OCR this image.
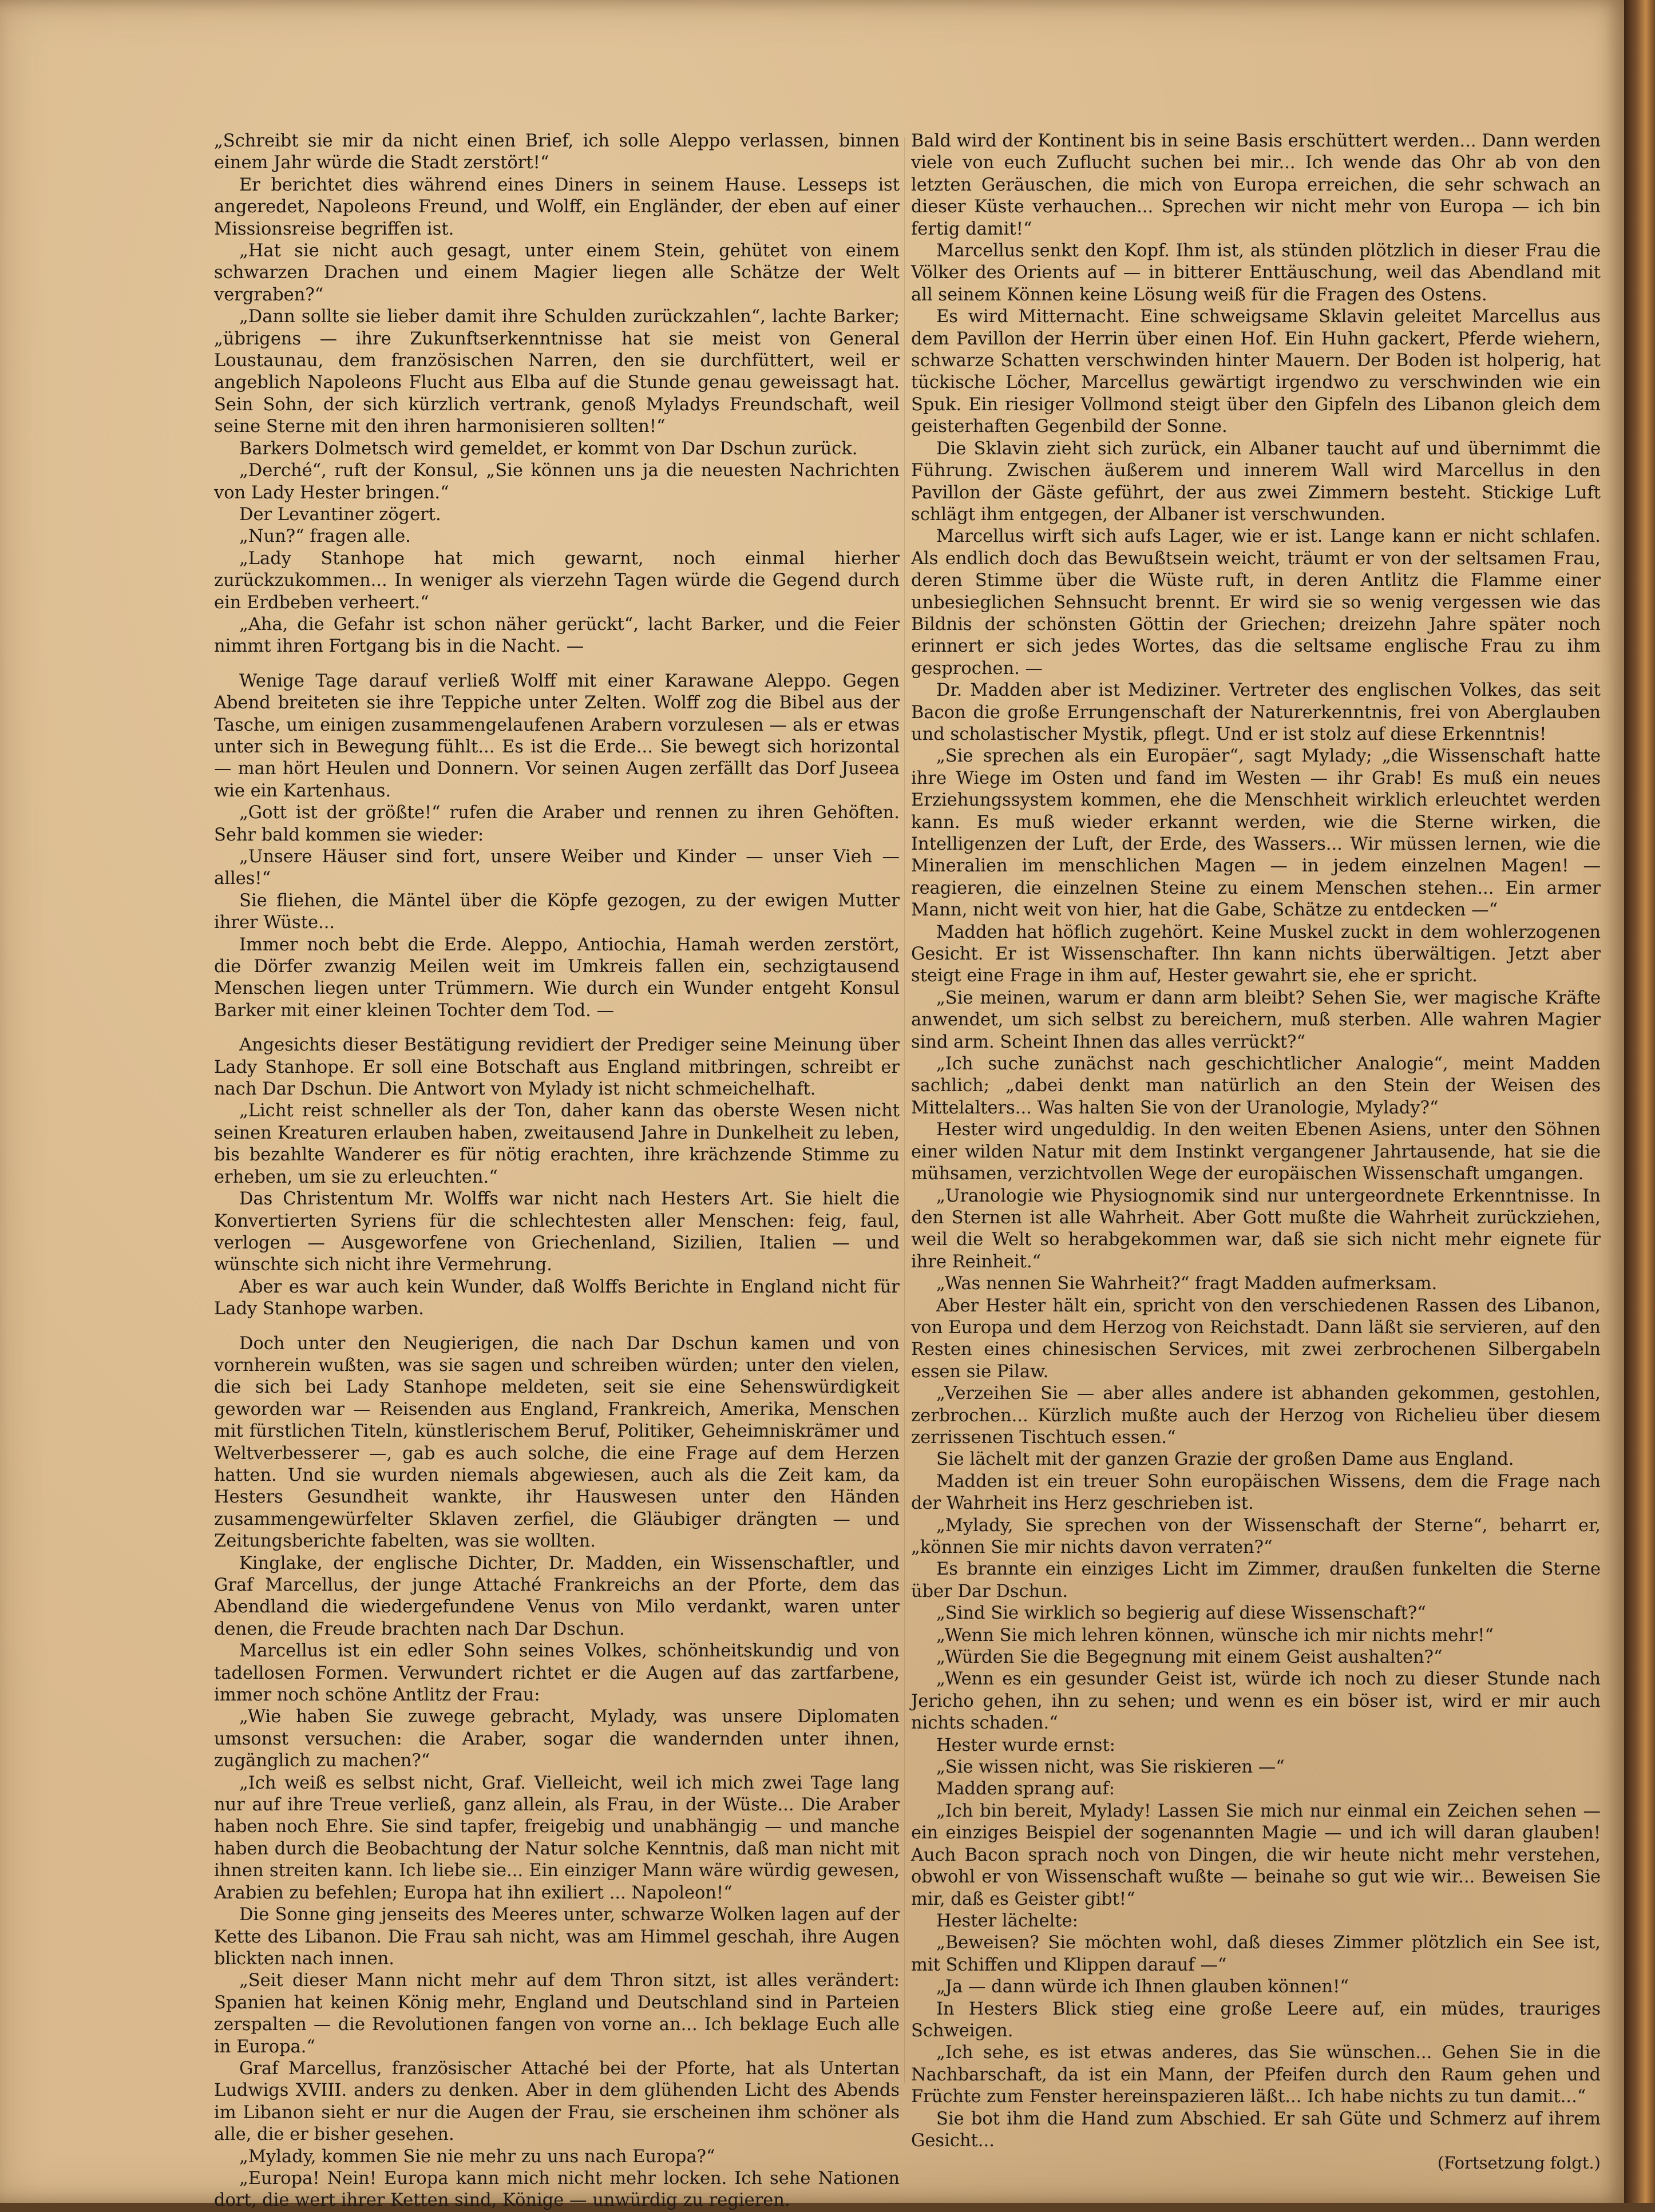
„Schreibt sie mir da nicht einen Brief, ich solle Aleppo verlassen, binnen einem Jahr würde die Stadt zerstört!“

Er berichtet dies während eines Diners in seinem Hause. Lesseps ist angeredet, Napoleons Freund, und Wolff, ein Engländer, der eben auf einer Missionsreise begriffen ist.

„Hat sie nicht auch gesagt, unter einem Stein, gehütet von einem schwarzen Drachen und einem Magier liegen alle Schätze der Welt vergraben?“

„Dann sollte sie lieber damit ihre Schulden zurückzahlen“, lachte Barker; „übrigens — ihre Zukunftserkenntnisse hat sie meist von General Loustaunau, dem französischen Narren, den sie durchfüttert, weil er angeblich Napoleons Flucht aus Elba auf die Stunde genau geweissagt hat. Sein Sohn, der sich kürzlich vertrank, genoß Myladys Freundschaft, weil seine Sterne mit den ihren harmonisieren sollten!“

Barkers Dolmetsch wird gemeldet, er kommt von Dar Dschun zurück.

„Derché“, ruft der Konsul, „Sie können uns ja die neuesten Nachrichten von Lady Hester bringen.“

Der Levantiner zögert.

„Nun?“ fragen alle.

„Lady Stanhope hat mich gewarnt, noch einmal hierher zurückzukommen... In weniger als vierzehn Tagen würde die Gegend durch ein Erdbeben verheert.“

„Aha, die Gefahr ist schon näher gerückt“, lacht Barker, und die Feier nimmt ihren Fortgang bis in die Nacht. —

Wenige Tage darauf verließ Wolff mit einer Karawane Aleppo. Gegen Abend breiteten sie ihre Teppiche unter Zelten. Wolff zog die Bibel aus der Tasche, um einigen zusammengelaufenen Arabern vorzulesen — als er etwas unter sich in Bewegung fühlt... Es ist die Erde... Sie bewegt sich horizontal — man hört Heulen und Donnern. Vor seinen Augen zerfällt das Dorf Juseea wie ein Kartenhaus.

„Gott ist der größte!“ rufen die Araber und rennen zu ihren Gehöften. Sehr bald kommen sie wieder:

„Unsere Häuser sind fort, unsere Weiber und Kinder — unser Vieh — alles!“

Sie fliehen, die Mäntel über die Köpfe gezogen, zu der ewigen Mutter ihrer Wüste...

Immer noch bebt die Erde. Aleppo, Antiochia, Hamah werden zerstört, die Dörfer zwanzig Meilen weit im Umkreis fallen ein, sechzigtausend Menschen liegen unter Trümmern. Wie durch ein Wunder entgeht Konsul Barker mit einer kleinen Tochter dem Tod. —

Angesichts dieser Bestätigung revidiert der Prediger seine Meinung über Lady Stanhope. Er soll eine Botschaft aus England mitbringen, schreibt er nach Dar Dschun. Die Antwort von Mylady ist nicht schmeichelhaft.

„Licht reist schneller als der Ton, daher kann das oberste Wesen nicht seinen Kreaturen erlauben haben, zweitausend Jahre in Dunkelheit zu leben, bis bezahlte Wanderer es für nötig erachten, ihre krächzende Stimme zu erheben, um sie zu erleuchten.“

Das Christentum Mr. Wolffs war nicht nach Hesters Art. Sie hielt die Konvertierten Syriens für die schlechtesten aller Menschen: feig, faul, verlogen — Ausgeworfene von Griechenland, Sizilien, Italien — und wünschte sich nicht ihre Vermehrung.

Aber es war auch kein Wunder, daß Wolffs Berichte in England nicht für Lady Stanhope warben.

Doch unter den Neugierigen, die nach Dar Dschun kamen und von vornherein wußten, was sie sagen und schreiben würden; unter den vielen, die sich bei Lady Stanhope meldeten, seit sie eine Sehenswürdigkeit geworden war — Reisenden aus England, Frankreich, Amerika, Menschen mit fürstlichen Titeln, künstlerischem Beruf, Politiker, Geheimniskrämer und Weltverbesserer —, gab es auch solche, die eine Frage auf dem Herzen hatten. Und sie wurden niemals abgewiesen, auch als die Zeit kam, da Hesters Gesundheit wankte, ihr Hauswesen unter den Händen zusammengewürfelter Sklaven zerfiel, die Gläubiger drängten — und Zeitungsberichte fabelten, was sie wollten.

Kinglake, der englische Dichter, Dr. Madden, ein Wissenschaftler, und Graf Marcellus, der junge Attaché Frankreichs an der Pforte, dem das Abendland die wiedergefundene Venus von Milo verdankt, waren unter denen, die Freude brachten nach Dar Dschun.

Marcellus ist ein edler Sohn seines Volkes, schönheitskundig und von tadellosen Formen. Verwundert richtet er die Augen auf das zartfarbene, immer noch schöne Antlitz der Frau:

„Wie haben Sie zuwege gebracht, Mylady, was unsere Diplomaten umsonst versuchen: die Araber, sogar die wandernden unter ihnen, zugänglich zu machen?“

„Ich weiß es selbst nicht, Graf. Vielleicht, weil ich mich zwei Tage lang nur auf ihre Treue verließ, ganz allein, als Frau, in der Wüste... Die Araber haben noch Ehre. Sie sind tapfer, freigebig und unabhängig — und manche haben durch die Beobachtung der Natur solche Kenntnis, daß man nicht mit ihnen streiten kann. Ich liebe sie... Ein einziger Mann wäre würdig gewesen, Arabien zu befehlen; Europa hat ihn exiliert ... Napoleon!“

Die Sonne ging jenseits des Meeres unter, schwarze Wolken lagen auf der Kette des Libanon. Die Frau sah nicht, was am Himmel geschah, ihre Augen blickten nach innen.

„Seit dieser Mann nicht mehr auf dem Thron sitzt, ist alles verändert: Spanien hat keinen König mehr, England und Deutschland sind in Parteien zerspalten — die Revolutionen fangen von vorne an... Ich beklage Euch alle in Europa.“

Graf Marcellus, französischer Attaché bei der Pforte, hat als Untertan Ludwigs XVIII. anders zu denken. Aber in dem glühenden Licht des Abends im Libanon sieht er nur die Augen der Frau, sie erscheinen ihm schöner als alle, die er bisher gesehen.

„Mylady, kommen Sie nie mehr zu uns nach Europa?“

„Europa! Nein! Europa kann mich nicht mehr locken. Ich sehe Nationen dort, die wert ihrer Ketten sind, Könige — unwürdig zu regieren.

Bald wird der Kontinent bis in seine Basis erschüttert werden... Dann werden viele von euch Zuflucht suchen bei mir... Ich wende das Ohr ab von den letzten Geräuschen, die mich von Europa erreichen, die sehr schwach an dieser Küste verhauchen... Sprechen wir nicht mehr von Europa — ich bin fertig damit!“

Marcellus senkt den Kopf. Ihm ist, als stünden plötzlich in dieser Frau die Völker des Orients auf — in bitterer Enttäuschung, weil das Abendland mit all seinem Können keine Lösung weiß für die Fragen des Ostens.

Es wird Mitternacht. Eine schweigsame Sklavin geleitet Marcellus aus dem Pavillon der Herrin über einen Hof. Ein Huhn gackert, Pferde wiehern, schwarze Schatten verschwinden hinter Mauern. Der Boden ist holperig, hat tückische Löcher, Marcellus gewärtigt irgendwo zu verschwinden wie ein Spuk. Ein riesiger Vollmond steigt über den Gipfeln des Libanon gleich dem geisterhaften Gegenbild der Sonne.

Die Sklavin zieht sich zurück, ein Albaner taucht auf und übernimmt die Führung. Zwischen äußerem und innerem Wall wird Marcellus in den Pavillon der Gäste geführt, der aus zwei Zimmern besteht. Stickige Luft schlägt ihm entgegen, der Albaner ist verschwunden.

Marcellus wirft sich aufs Lager, wie er ist. Lange kann er nicht schlafen. Als endlich doch das Bewußtsein weicht, träumt er von der seltsamen Frau, deren Stimme über die Wüste ruft, in deren Antlitz die Flamme einer unbesieglichen Sehnsucht brennt. Er wird sie so wenig vergessen wie das Bildnis der schönsten Göttin der Griechen; dreizehn Jahre später noch erinnert er sich jedes Wortes, das die seltsame englische Frau zu ihm gesprochen. —

Dr. Madden aber ist Mediziner. Vertreter des englischen Volkes, das seit Bacon die große Errungenschaft der Naturerkenntnis, frei von Aberglauben und scholastischer Mystik, pflegt. Und er ist stolz auf diese Erkenntnis!

„Sie sprechen als ein Europäer“, sagt Mylady; „die Wissenschaft hatte ihre Wiege im Osten und fand im Westen — ihr Grab! Es muß ein neues Erziehungssystem kommen, ehe die Menschheit wirklich erleuchtet werden kann. Es muß wieder erkannt werden, wie die Sterne wirken, die Intelligenzen der Luft, der Erde, des Wassers... Wir müssen lernen, wie die Mineralien im menschlichen Magen — in jedem einzelnen Magen! — reagieren, die einzelnen Steine zu einem Menschen stehen... Ein armer Mann, nicht weit von hier, hat die Gabe, Schätze zu entdecken —“

Madden hat höflich zugehört. Keine Muskel zuckt in dem wohlerzogenen Gesicht. Er ist Wissenschafter. Ihn kann nichts überwältigen. Jetzt aber steigt eine Frage in ihm auf, Hester gewahrt sie, ehe er spricht.

„Sie meinen, warum er dann arm bleibt? Sehen Sie, wer magische Kräfte anwendet, um sich selbst zu bereichern, muß sterben. Alle wahren Magier sind arm. Scheint Ihnen das alles verrückt?“

„Ich suche zunächst nach geschichtlicher Analogie“, meint Madden sachlich; „dabei denkt man natürlich an den Stein der Weisen des Mittelalters... Was halten Sie von der Uranologie, Mylady?“

Hester wird ungeduldig. In den weiten Ebenen Asiens, unter den Söhnen einer wilden Natur mit dem Instinkt vergangener Jahrtausende, hat sie die mühsamen, verzichtvollen Wege der europäischen Wissenschaft umgangen.

„Uranologie wie Physiognomik sind nur untergeordnete Erkenntnisse. In den Sternen ist alle Wahrheit. Aber Gott mußte die Wahrheit zurückziehen, weil die Welt so herabgekommen war, daß sie sich nicht mehr eignete für ihre Reinheit.“

„Was nennen Sie Wahrheit?“ fragt Madden aufmerksam.

Aber Hester hält ein, spricht von den verschiedenen Rassen des Libanon, von Europa und dem Herzog von Reichstadt. Dann läßt sie servieren, auf den Resten eines chinesischen Services, mit zwei zerbrochenen Silbergabeln essen sie Pilaw.

„Verzeihen Sie — aber alles andere ist abhanden gekommen, gestohlen, zerbrochen... Kürzlich mußte auch der Herzog von Richelieu über diesem zerrissenen Tischtuch essen.“

Sie lächelt mit der ganzen Grazie der großen Dame aus England.

Madden ist ein treuer Sohn europäischen Wissens, dem die Frage nach der Wahrheit ins Herz geschrieben ist.

„Mylady, Sie sprechen von der Wissenschaft der Sterne“, beharrt er, „können Sie mir nichts davon verraten?“

Es brannte ein einziges Licht im Zimmer, draußen funkelten die Sterne über Dar Dschun.

„Sind Sie wirklich so begierig auf diese Wissenschaft?“

„Wenn Sie mich lehren können, wünsche ich mir nichts mehr!“

„Würden Sie die Begegnung mit einem Geist aushalten?“

„Wenn es ein gesunder Geist ist, würde ich noch zu dieser Stunde nach Jericho gehen, ihn zu sehen; und wenn es ein böser ist, wird er mir auch nichts schaden.“

Hester wurde ernst:

„Sie wissen nicht, was Sie riskieren —“

Madden sprang auf:

„Ich bin bereit, Mylady! Lassen Sie mich nur einmal ein Zeichen sehen — ein einziges Beispiel der sogenannten Magie — und ich will daran glauben! Auch Bacon sprach noch von Dingen, die wir heute nicht mehr verstehen, obwohl er von Wissenschaft wußte — beinahe so gut wie wir... Beweisen Sie mir, daß es Geister gibt!“

Hester lächelte:

„Beweisen? Sie möchten wohl, daß dieses Zimmer plötzlich ein See ist, mit Schiffen und Klippen darauf —“

„Ja — dann würde ich Ihnen glauben können!“

In Hesters Blick stieg eine große Leere auf, ein müdes, trauriges Schweigen.

„Ich sehe, es ist etwas anderes, das Sie wünschen... Gehen Sie in die Nachbarschaft, da ist ein Mann, der Pfeifen durch den Raum gehen und Früchte zum Fenster hereinspazieren läßt... Ich habe nichts zu tun damit...“

Sie bot ihm die Hand zum Abschied. Er sah Güte und Schmerz auf ihrem Gesicht...

(Fortsetzung folgt.)
